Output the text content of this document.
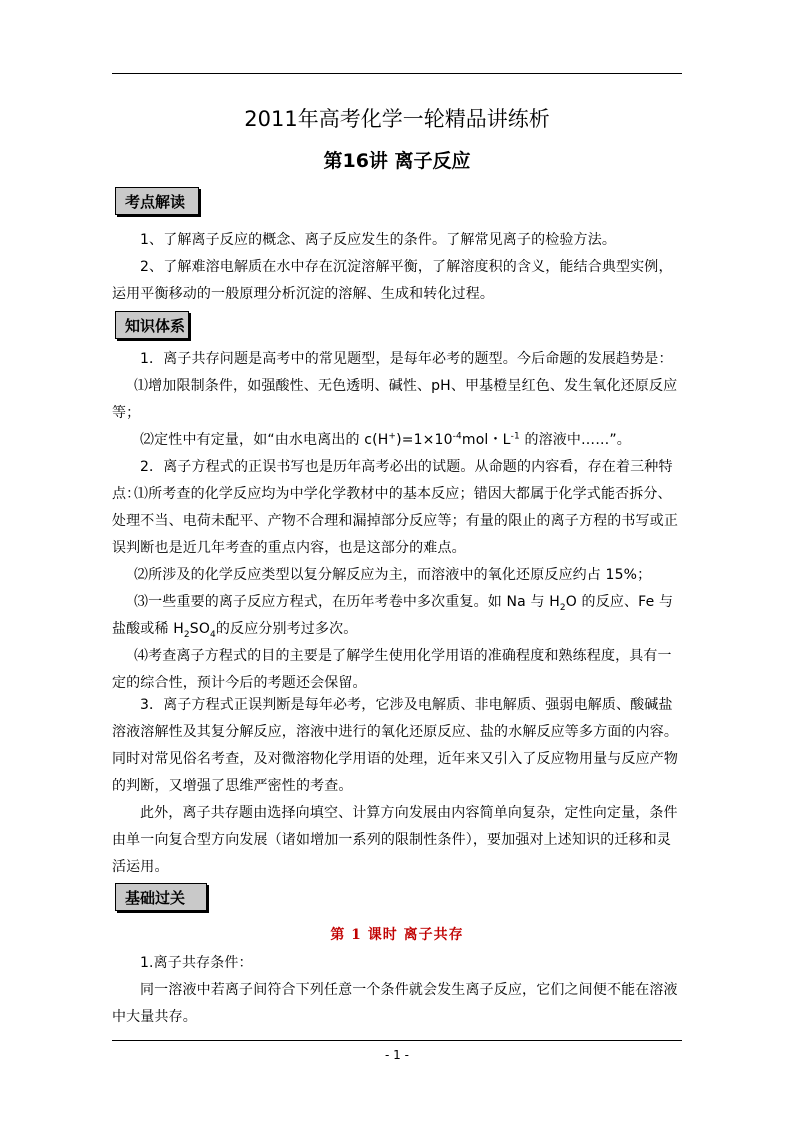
2011年高考化学一轮精品讲练析
第16讲 离子反应
考点解读
1、了解离子反应的概念、离子反应发生的条件。了解常见离子的检验方法。
2、了解难溶电解质在水中存在沉淀溶解平衡，了解溶度积的含义，能结合典型实例，运用平衡移动的一般原理分析沉淀的溶解、生成和转化过程。
知识体系
1．离子共存问题是高考中的常见题型，是每年必考的题型。今后命题的发展趋势是：
⑴增加限制条件，如强酸性、无色透明、碱性、pH、甲基橙呈红色、发生氧化还原反应等；
⑵定性中有定量，如“由水电离出的 $c(H^+)=1\times 10^{-4}mol$・$L^{-1}$ 的溶液中……”。
2．离子方程式的正误书写也是历年高考必出的试题。从命题的内容看，存在着三种特点：
⑴所考查的化学反应均为中学化学教材中的基本反应；错因大都属于化学式能否拆分、处理不当、电荷未配平、产物不合理和漏掉部分反应等；有量的限止的离子方程的书写或正误判断也是近几年考查的重点内容，也是这部分的难点。
⑵所涉及的化学反应类型以复分解反应为主，而溶液中的氧化还原反应约占 15%；
⑶一些重要的离子反应方程式，在历年考卷中多次重复。如 Na 与 $H_2O$ 的反应、Fe 与盐酸或稀 $H_2SO_4$的反应分别考过多次。
⑷考查离子方程式的目的主要是了解学生使用化学用语的准确程度和熟练程度，具有一定的综合性，预计今后的考题还会保留。
3．离子方程式正误判断是每年必考，它涉及电解质、非电解质、强弱电解质、酸碱盐溶液溶解性及其复分解反应，溶液中进行的氧化还原反应、盐的水解反应等多方面的内容。同时对常见俗名考查，及对微溶物化学用语的处理，近年来又引入了反应物用量与反应产物的判断，又增强了思维严密性的考查。
此外，离子共存题由选择向填空、计算方向发展由内容简单向复杂，定性向定量，条件由单一向复合型方向发展（诸如增加一系列的限制性条件），要加强对上述知识的迁移和灵活运用。
基础过关
第 1 课时 离子共存
1.离子共存条件：
同一溶液中若离子间符合下列任意一个条件就会发生离子反应，它们之间便不能在溶液中大量共存。
- 1 -
